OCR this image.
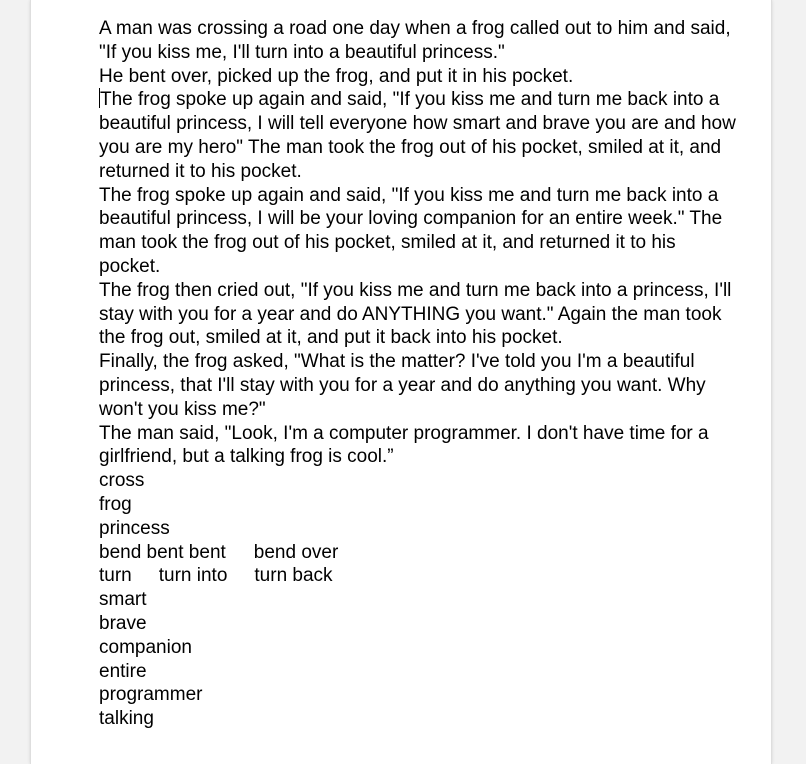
A man was crossing a road one day when a frog called out to him and said, "If you kiss me, I'll turn into a beautiful princess."

He bent over, picked up the frog, and put it in his pocket.

The frog spoke up again and said, "If you kiss me and turn me back into a beautiful princess, I will tell everyone how smart and brave you are and how you are my hero" The man took the frog out of his pocket, smiled at it, and returned it to his pocket.

The frog spoke up again and said, "If you kiss me and turn me back into a beautiful princess, I will be your loving companion for an entire week." The man took the frog out of his pocket, smiled at it, and returned it to his pocket.

The frog then cried out, "If you kiss me and turn me back into a princess, I'll stay with you for a year and do ANYTHING you want." Again the man took the frog out, smiled at it, and put it back into his pocket.

Finally, the frog asked, "What is the matter? I've told you I'm a beautiful princess, that I'll stay with you for a year and do anything you want. Why won't you kiss me?"

The man said, "Look, I'm a computer programmer. I don't have time for a girlfriend, but a talking frog is cool.”

cross

frog

princess

bend bent bent bend over

turn turn into turn back

smart

brave

companion

entire

programmer

talking
